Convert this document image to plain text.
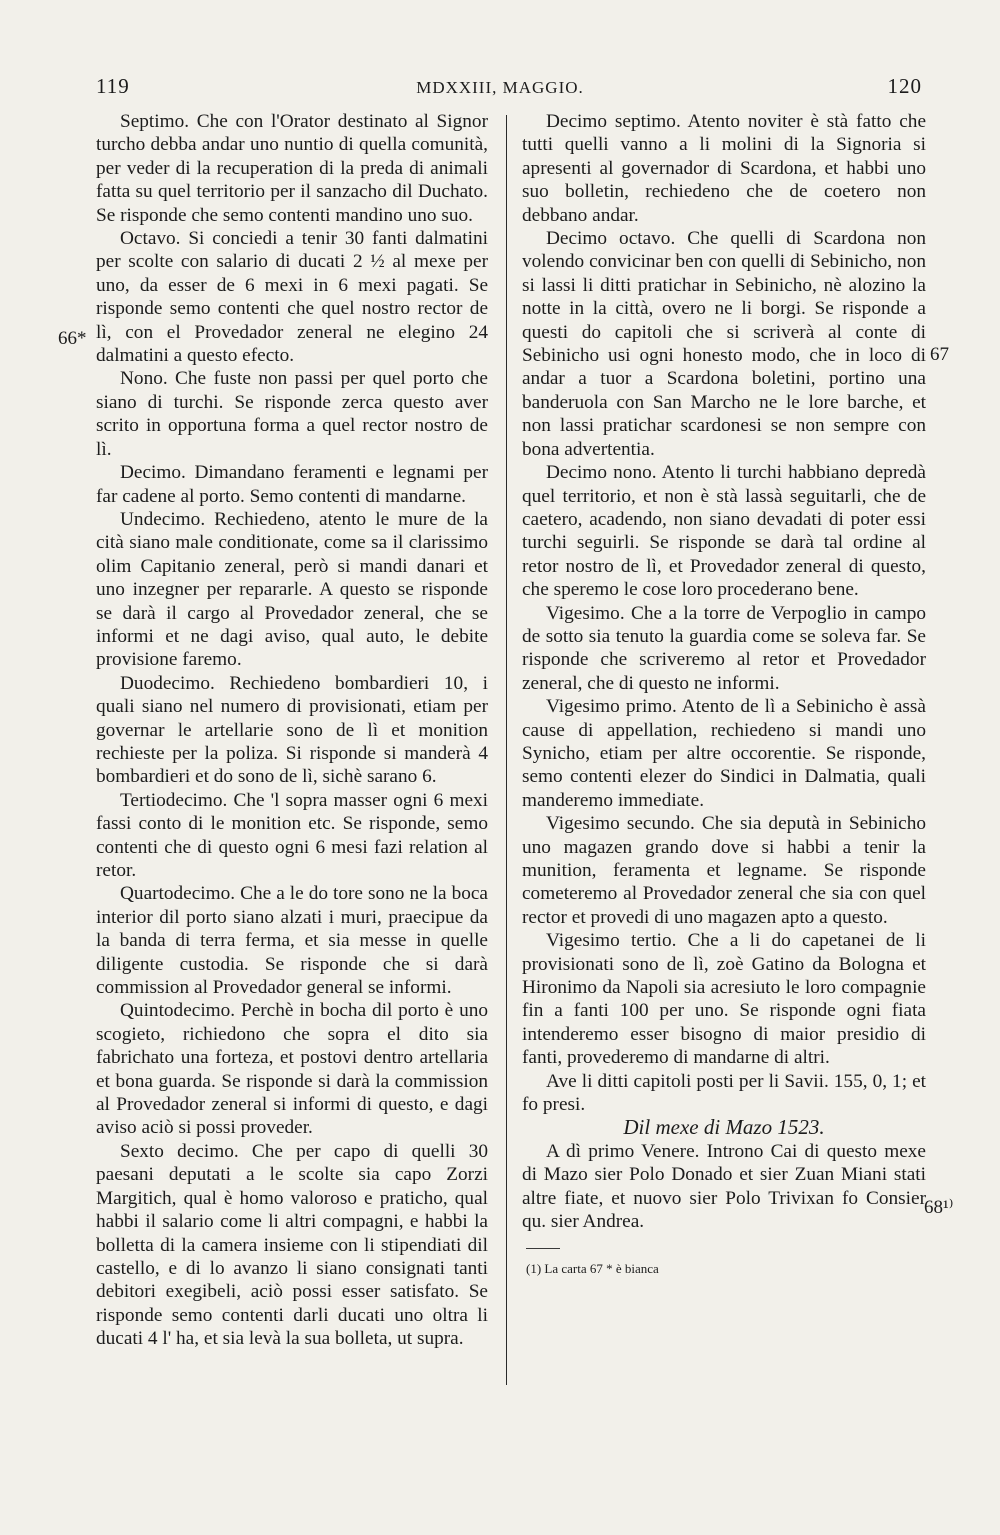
119	MDXXIII, MAGGIO.	120
66*
67
68¹⁾

Septimo. Che con l'Orator destinato al Signor turcho debba andar uno nuntio di quella comunità, per veder di la recuperation di la preda di animali fatta su quel territorio per il sanzacho dil Duchato. Se risponde che semo contenti mandino uno suo.

Octavo. Si conciedi a tenir 30 fanti dalmatini per scolte con salario di ducati 2 ½ al mexe per uno, da esser de 6 mexi in 6 mexi pagati. Se risponde semo contenti che quel nostro rector de lì, con el Provedador zeneral ne elegino 24 dalmatini a questo efecto.

Nono. Che fuste non passi per quel porto che siano di turchi. Se risponde zerca questo aver scrito in opportuna forma a quel rector nostro de lì.

Decimo. Dimandano feramenti e legnami per far cadene al porto. Semo contenti di mandarne.

Undecimo. Rechiedeno, atento le mure de la cità siano male conditionate, come sa il clarissimo olim Capitanio zeneral, però si mandi danari et uno inzegner per repararle. A questo se risponde se darà il cargo al Provedador zeneral, che se informi et ne dagi aviso, qual auto, le debite provisione faremo.

Duodecimo. Rechiedeno bombardieri 10, i quali siano nel numero di provisionati, etiam per governar le artellarie sono de lì et monition rechieste per la poliza. Si risponde si manderà 4 bombardieri et do sono de lì, sichè sarano 6.

Tertiodecimo. Che 'l sopra masser ogni 6 mexi fassi conto di le monition etc. Se risponde, semo contenti che di questo ogni 6 mesi fazi relation al retor.

Quartodecimo. Che a le do tore sono ne la boca interior dil porto siano alzati i muri, praecipue da la banda di terra ferma, et sia messe in quelle diligente custodia. Se risponde che si darà commission al Provedador general se informi.

Quintodecimo. Perchè in bocha dil porto è uno scogieto, richiedono che sopra el dito sia fabrichato una forteza, et postovi dentro artellaria et bona guarda. Se risponde si darà la commission al Provedador zeneral si informi di questo, e dagi aviso aciò si possi proveder.

Sexto decimo. Che per capo di quelli 30 paesani deputati a le scolte sia capo Zorzi Margitich, qual è homo valoroso e praticho, qual habbi il salario come li altri compagni, e habbi la bolletta di la camera insieme con li stipendiati dil castello, e di lo avanzo li siano consignati tanti debitori exegibeli, aciò possi esser satisfato. Se risponde semo contenti darli ducati uno oltra li ducati 4 l' ha, et sia levà la sua bolleta, ut supra.

Decimo septimo. Atento noviter è stà fatto che tutti quelli vanno a li molini di la Signoria si apresenti al governador di Scardona, et habbi uno suo bolletin, rechiedeno che de coetero non debbano andar.

Decimo octavo. Che quelli di Scardona non volendo convicinar ben con quelli di Sebinicho, non si lassi li ditti pratichar in Sebinicho, nè alozino la notte in la città, overo ne li borgi. Se risponde a questi do capitoli che si scriverà al conte di Sebinicho usi ogni honesto modo, che in loco di andar a tuor a Scardona boletini, portino una banderuola con San Marcho ne le lore barche, et non lassi pratichar scardonesi se non sempre con bona advertentia.

Decimo nono. Atento li turchi habbiano depredà quel territorio, et non è stà lassà seguitarli, che de caetero, acadendo, non siano devadati di poter essi turchi seguirli. Se risponde se darà tal ordine al retor nostro de lì, et Provedador zeneral di questo, che speremo le cose loro procederano bene.

Vigesimo. Che a la torre de Verpoglio in campo de sotto sia tenuto la guardia come se soleva far. Se risponde che scriveremo al retor et Provedador zeneral, che di questo ne informi.

Vigesimo primo. Atento de lì a Sebinicho è assà cause di appellation, rechiedeno si mandi uno Synicho, etiam per altre occorentie. Se risponde, semo contenti elezer do Sindici in Dalmatia, quali manderemo immediate.

Vigesimo secundo. Che sia deputà in Sebinicho uno magazen grando dove si habbi a tenir la munition, feramenta et legname. Se risponde cometeremo al Provedador zeneral che sia con quel rector et provedi di uno magazen apto a questo.

Vigesimo tertio. Che a li do capetanei de li provisionati sono de lì, zoè Gatino da Bologna et Hironimo da Napoli sia acresiuto le loro compagnie fin a fanti 100 per uno. Se risponde ogni fiata intenderemo esser bisogno di maior presidio di fanti, provederemo di mandarne di altri.

Ave li ditti capitoli posti per li Savii. 155, 0, 1; et fo presi.

Dil mexe di Mazo 1523.

A dì primo Venere. Introno Cai di questo mexe di Mazo sier Polo Donado et sier Zuan Miani stati altre fiate, et nuovo sier Polo Trivixan fo Consier qu. sier Andrea.

(1) La carta 67 * è bianca
